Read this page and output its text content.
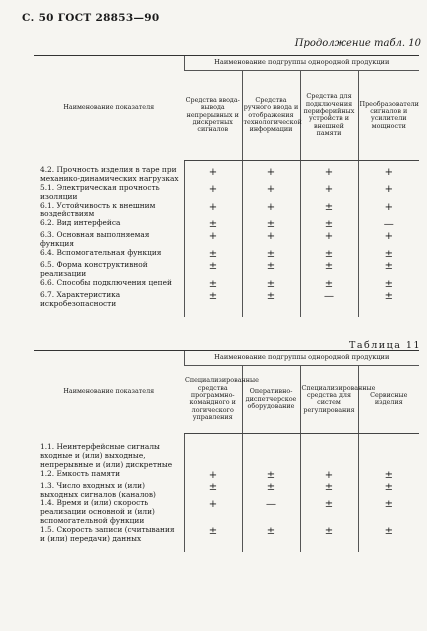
С. 50 ГОСТ 28853—90
Продолжение табл. 10
Наименование показателя	Наименование подгруппы однородной продукции			
	Средства ввода-вывода непрерывных и дискретных сигналов	Средства ручного ввода и отображения технологической информации	Средства для подключения периферийных устройств и внешней памяти	Преобразователи сигналов и усилители мощности
4.2. Прочность изделия в таре при механико-динамических нагрузках	+	+	+	+

5.1. Электрическая прочность изоляции	+	+	+	+

6.1. Устойчивость к внешним воздействиям	+	+	±	+

6.2. Вид интерфейса	±	±	±	—

6.3. Основная выполняемая функция	+	+	+	+

6.4. Вспомогательная функция	±	±	±	±

6.5. Форма конструктивной реализации	±	±	±	±

6.6. Способы подключения цепей	±	±	±	±

6.7. Характеристика искробезопасности	±	±	—	±

Таблица 11
Наименование показателя	Наименование подгруппы однородной продукции			
	Специализированные средства программно-командного и логического управления	Оперативно-диспетчерское оборудование	Специализированные средства для систем регулирования	Сервисные изделия
1.1. Неинтерфейсные сигналы входные и (или) выходные, непрерывные и (или) дискретные	

1.2. Емкость памяти	+	±	+	±

1.3. Число входных и (или) выходных сигналов (каналов)	±	±	±	±

1.4. Время и (или) скорость реализации основной и (или) вспомогательной функции	+	—	±	±

1.5. Скорость записи (считывания и (или) передачи) данных	±	±	±	±
